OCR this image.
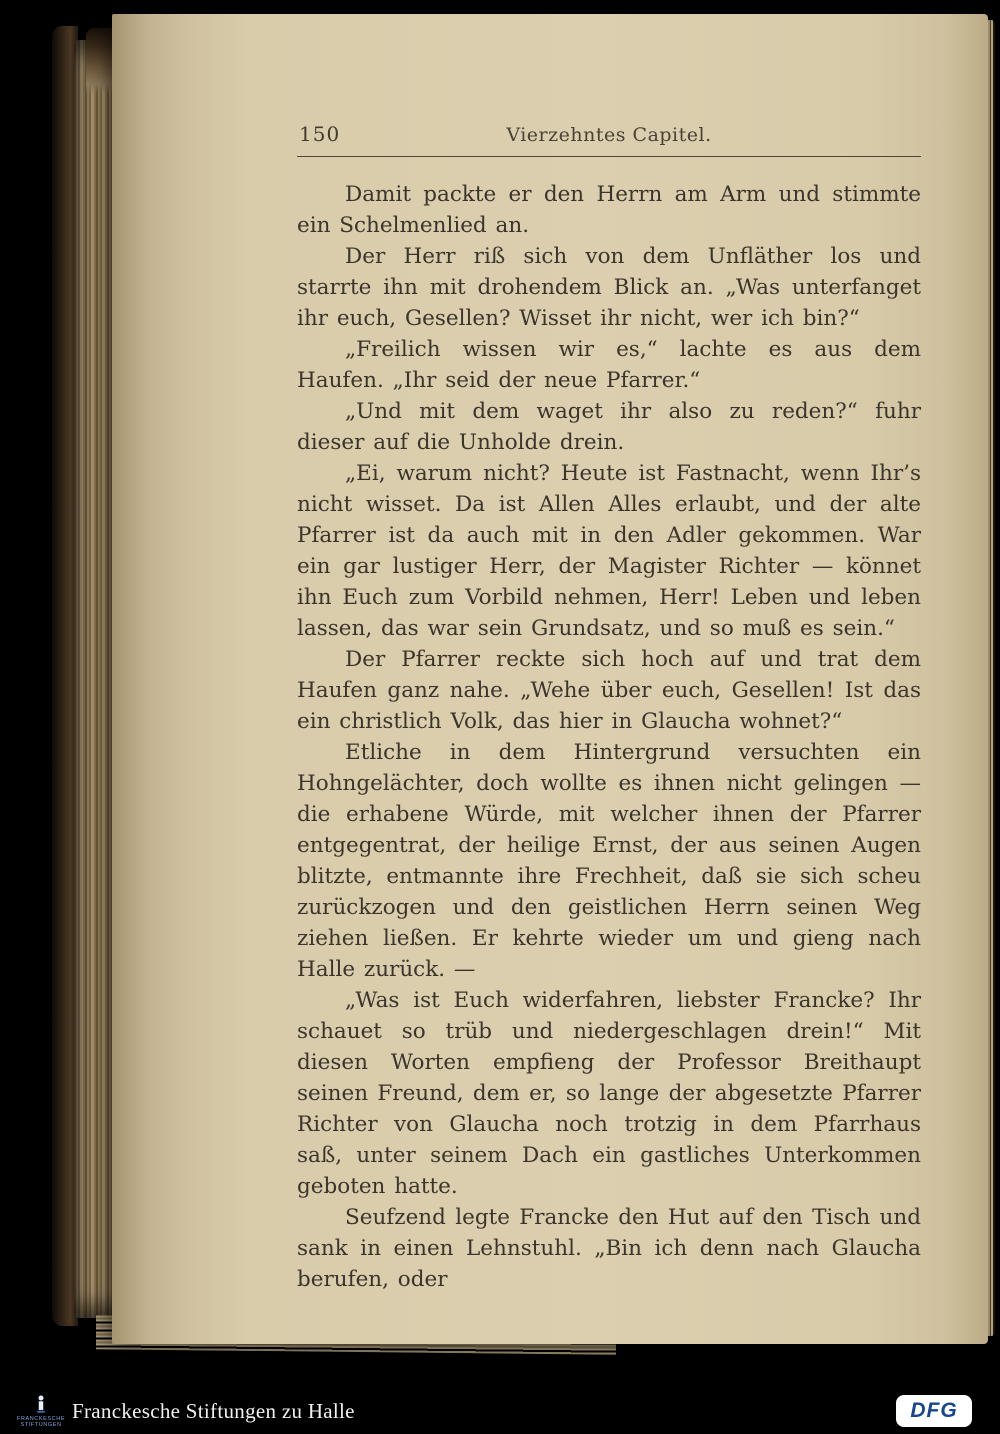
150	Vierzehntes Capitel.

Damit packte er den Herrn am Arm und stimmte ein Schelmenlied an.

Der Herr riß sich von dem Unfläther los und starrte ihn mit drohendem Blick an. „Was unterfanget ihr euch, Gesellen? Wisset ihr nicht, wer ich bin?“

„Freilich wissen wir es,“ lachte es aus dem Haufen. „Ihr seid der neue Pfarrer.“

„Und mit dem waget ihr also zu reden?“ fuhr dieser auf die Unholde drein.

„Ei, warum nicht? Heute ist Fastnacht, wenn Ihr’s nicht wisset. Da ist Allen Alles erlaubt, und der alte Pfarrer ist da auch mit in den Adler gekommen. War ein gar lustiger Herr, der Magister Richter — könnet ihn Euch zum Vorbild nehmen, Herr! Leben und leben lassen, das war sein Grundsatz, und so muß es sein.“

Der Pfarrer reckte sich hoch auf und trat dem Haufen ganz nahe. „Wehe über euch, Gesellen! Ist das ein christlich Volk, das hier in Glaucha wohnet?“

Etliche in dem Hintergrund versuchten ein Hohngelächter, doch wollte es ihnen nicht gelingen — die erhabene Würde, mit welcher ihnen der Pfarrer entgegentrat, der heilige Ernst, der aus seinen Augen blitzte, entmannte ihre Frechheit, daß sie sich scheu zurückzogen und den geistlichen Herrn seinen Weg ziehen ließen. Er kehrte wieder um und gieng nach Halle zurück. —

„Was ist Euch widerfahren, liebster Francke? Ihr schauet so trüb und niedergeschlagen drein!“ Mit diesen Worten empfieng der Professor Breithaupt seinen Freund, dem er, so lange der abgesetzte Pfarrer Richter von Glaucha noch trotzig in dem Pfarrhaus saß, unter seinem Dach ein gastliches Unterkommen geboten hatte.

Seufzend legte Francke den Hut auf den Tisch und sank in einen Lehnstuhl. „Bin ich denn nach Glaucha berufen, oder

FRANCKESCHE
STIFTUNGEN
Franckesche Stiftungen zu Halle	DFG
